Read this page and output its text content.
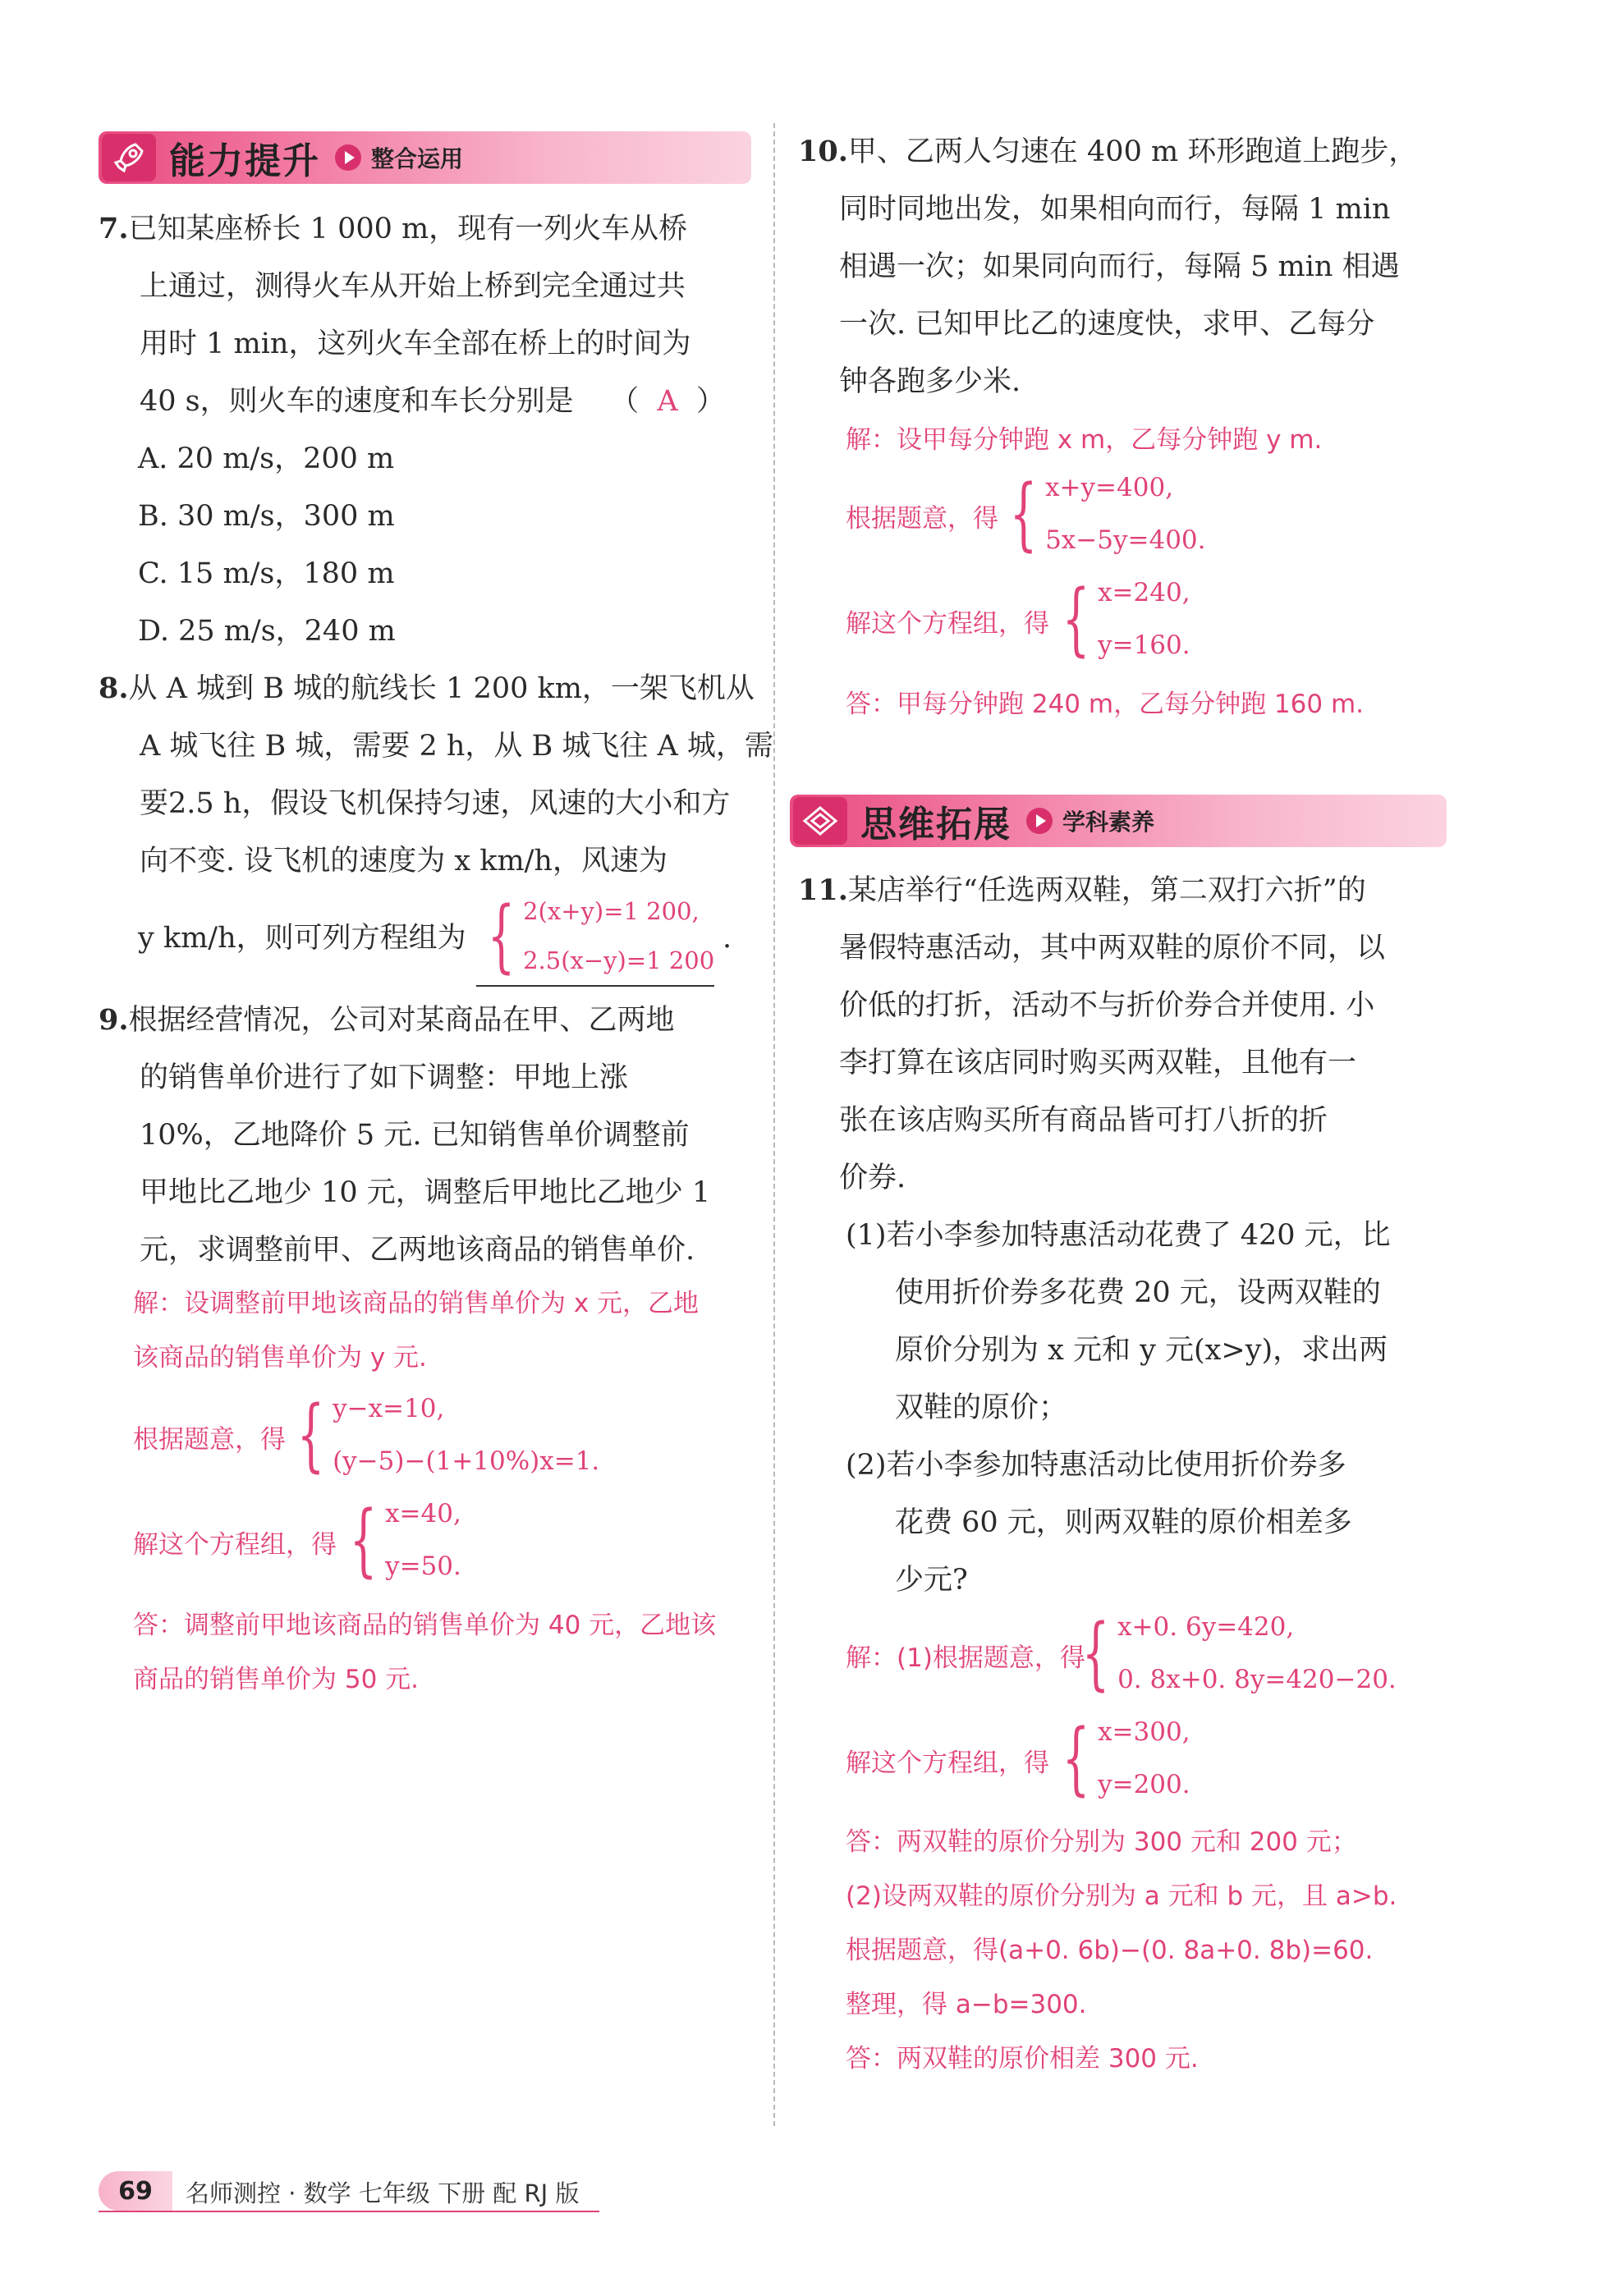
能力提升 整合运用
7.已知某座桥长 1 000 m，现有一列火车从桥
上通过，测得火车从开始上桥到完全通过共
用时 1 min，这列火车全部在桥上的时间为
40 s，则火车的速度和车长分别是 （ A ）
A. 20 m/s，200 m
B. 30 m/s，300 m
C. 15 m/s，180 m
D. 25 m/s，240 m
8.从 A 城到 B 城的航线长 1 200 km，一架飞机从
A 城飞往 B 城，需要 2 h，从 B 城飞往 A 城，需
要2.5 h，假设飞机保持匀速，风速的大小和方
向不变. 设飞机的速度为 x km/h，风速为
y km/h，则可列方程组为 { 2(x+y)=1 200,
2.5(x−y)=1 200
.
9.根据经营情况，公司对某商品在甲、乙两地
的销售单价进行了如下调整：甲地上涨
10%，乙地降价 5 元. 已知销售单价调整前
甲地比乙地少 10 元，调整后甲地比乙地少 1
元，求调整前甲、乙两地该商品的销售单价.
解：设调整前甲地该商品的销售单价为 x 元，乙地
该商品的销售单价为 y 元.
根据题意，得 { y−x=10,
(y−5)−(1+10%)x=1.
解这个方程组，得 { x=40,
y=50.
答：调整前甲地该商品的销售单价为 40 元，乙地该
商品的销售单价为 50 元.
10.甲、乙两人匀速在 400 m 环形跑道上跑步，
同时同地出发，如果相向而行，每隔 1 min
相遇一次；如果同向而行，每隔 5 min 相遇
一次. 已知甲比乙的速度快，求甲、乙每分
钟各跑多少米.
解：设甲每分钟跑 x m，乙每分钟跑 y m.
根据题意，得 { x+y=400,
5x−5y=400.
解这个方程组，得 { x=240,
y=160.
答：甲每分钟跑 240 m，乙每分钟跑 160 m.
思维拓展 学科素养
11.某店举行“任选两双鞋，第二双打六折”的
暑假特惠活动，其中两双鞋的原价不同，以
价低的打折，活动不与折价券合并使用. 小
李打算在该店同时购买两双鞋，且他有一
张在该店购买所有商品皆可打八折的折
价券.
(1)若小李参加特惠活动花费了 420 元，比
使用折价券多花费 20 元，设两双鞋的
原价分别为 x 元和 y 元(x>y)，求出两
双鞋的原价；
(2)若小李参加特惠活动比使用折价券多
花费 60 元，则两双鞋的原价相差多
少元?
解：(1)根据题意，得
{ x+0. 6y=420,
0. 8x+0. 8y=420−20.
解这个方程组，得 { x=300,
y=200.
答：两双鞋的原价分别为 300 元和 200 元；
(2)设两双鞋的原价分别为 a 元和 b 元，且 a>b.
根据题意，得(a+0. 6b)−(0. 8a+0. 8b)=60.
整理，得 a−b=300.
答：两双鞋的原价相差 300 元.
69	名师测控 · 数学 七年级 下册 配 RJ 版
